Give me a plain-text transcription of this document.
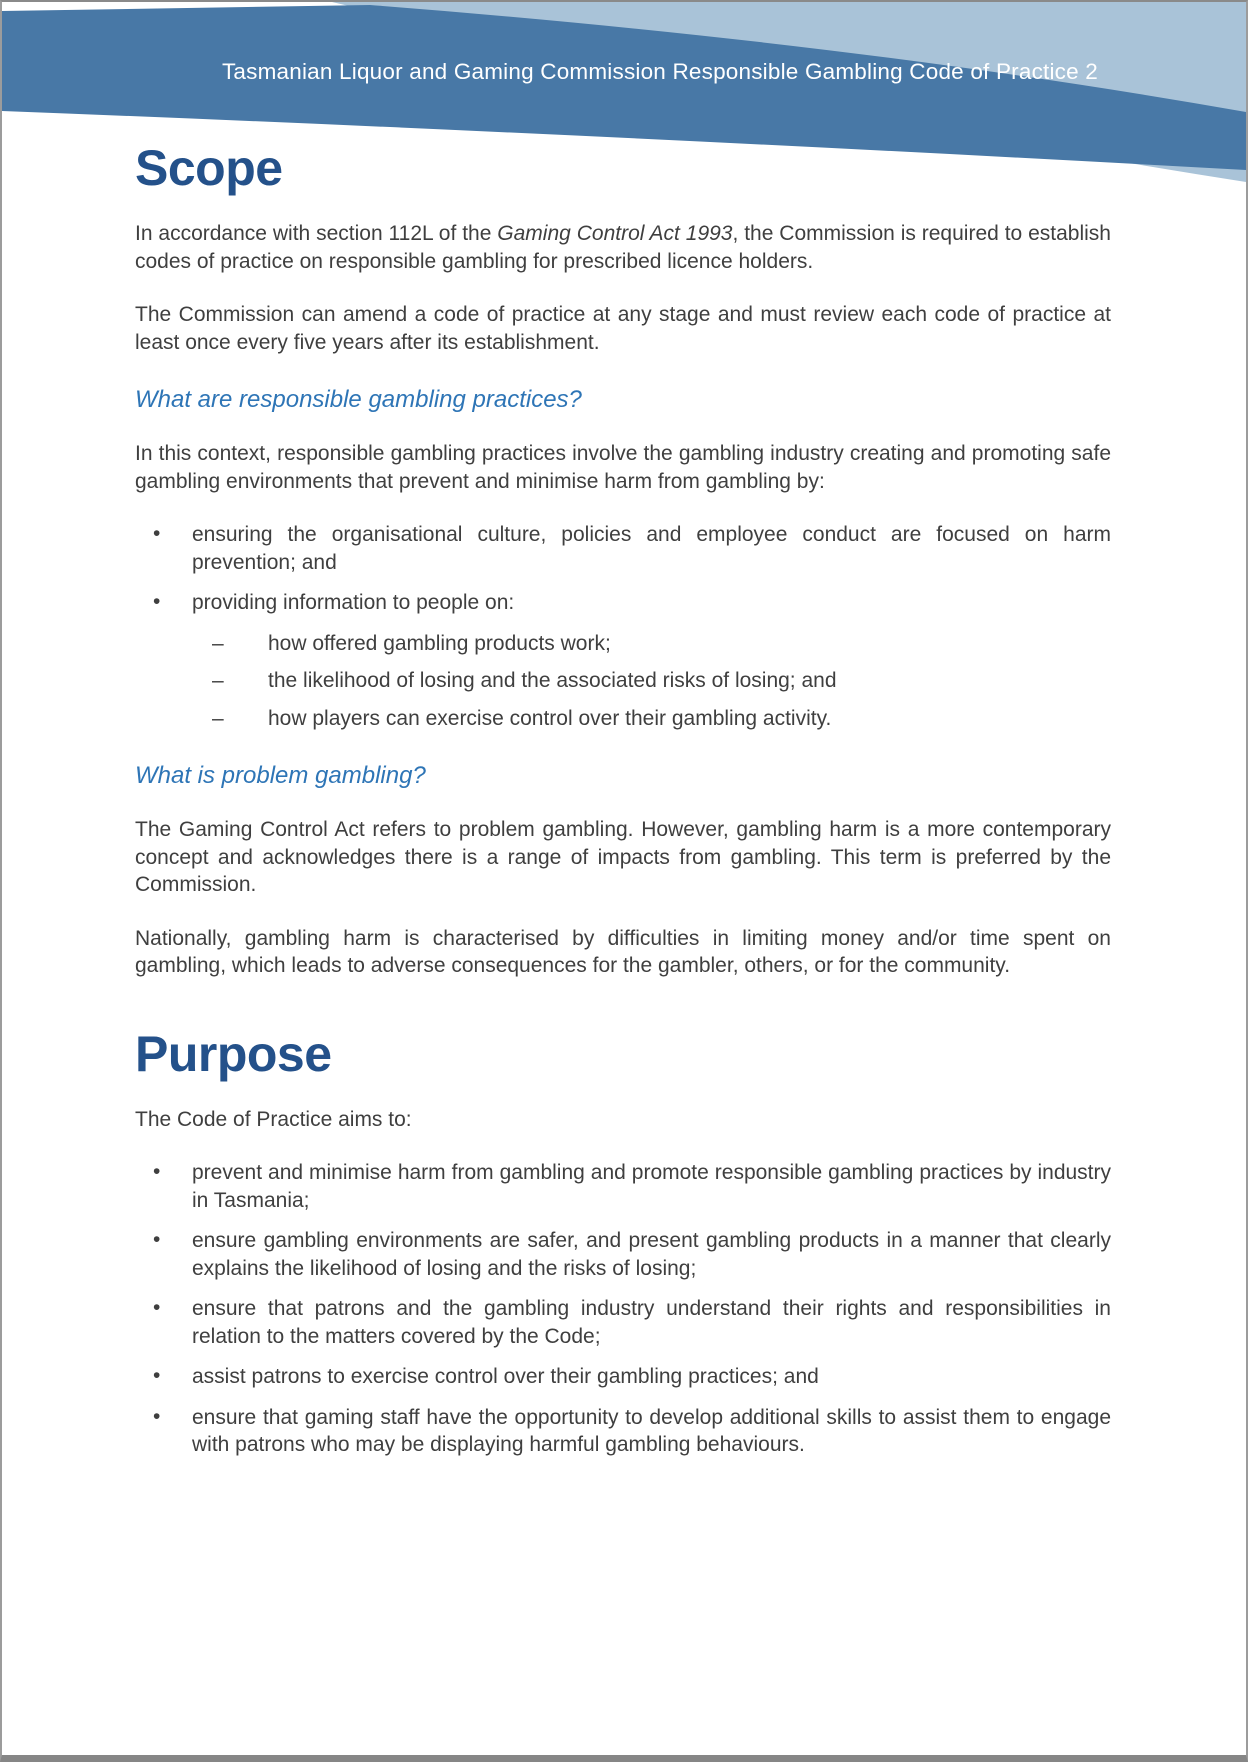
Tasmanian Liquor and Gaming Commission Responsible Gambling Code of Practice 2
Scope

In accordance with section 112L of the Gaming Control Act 1993, the Commission is required to establish codes of practice on responsible gambling for prescribed licence holders.

The Commission can amend a code of practice at any stage and must review each code of practice at least once every five years after its establishment.

What are responsible gambling practices?

In this context, responsible gambling practices involve the gambling industry creating and promoting safe gambling environments that prevent and minimise harm from gambling by:

• ensuring the organisational culture, policies and employee conduct are focused on harm prevention; and
• providing information to people on:
– how offered gambling products work;
– the likelihood of losing and the associated risks of losing; and
– how players can exercise control over their gambling activity.
What is problem gambling?

The Gaming Control Act refers to problem gambling. However, gambling harm is a more contemporary concept and acknowledges there is a range of impacts from gambling. This term is preferred by the Commission.

Nationally, gambling harm is characterised by difficulties in limiting money and/or time spent on gambling, which leads to adverse consequences for the gambler, others, or for the community.

Purpose

The Code of Practice aims to:

• prevent and minimise harm from gambling and promote responsible gambling practices by industry in Tasmania;
• ensure gambling environments are safer, and present gambling products in a manner that clearly explains the likelihood of losing and the risks of losing;
• ensure that patrons and the gambling industry understand their rights and responsibilities in relation to the matters covered by the Code;
• assist patrons to exercise control over their gambling practices; and
• ensure that gaming staff have the opportunity to develop additional skills to assist them to engage with patrons who may be displaying harmful gambling behaviours.
